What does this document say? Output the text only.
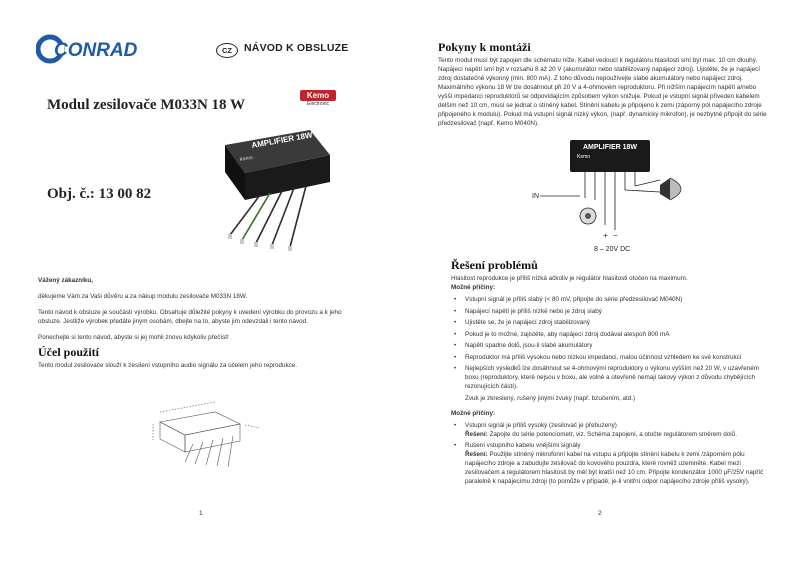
CONRAD	CZ	NÁVOD K OBSLUZE
Modul zesilovače M033N 18 W
Kemo
Electronic
AMPLIFIER 18W
Kemo
Obj. č.: 13 00 82

Vážený zákazníku,

děkujeme Vám za Vaši důvěru a za nákup modulu zesilovače M033N 18W.

Tento návod k obsluze je součástí výrobku. Obsahuje důležité pokyny k uvedení výrobku do provozu a k jeho obsluze. Jestliže výrobek předáte jiným osobám, dbejte na to, abyste jim odevzdali i tento návod.

Ponechejte si tento návod, abyste si jej mohli znovu kdykoliv přečíst!

Účel použití
Tento modul zesilovače slouží k zesílení vstupního audio signálu za účelem jeho reprodukce.
1
Pokyny k montáži
Tento modul musí být zapojen dle schématu níže. Kabel vedoucí k regulátoru hlasitosti smí být max. 10 cm dlouhý. Napájecí napětí smí být v rozsahu 8 až 20 V (akumulátor nebo stabilizovaný napájecí zdroj). Ujistěte, že je napájecí zdroj dostatečně výkonný (min. 800 mA). Z toho důvodu nepoužívejte slabé akumulátory nebo napájecí zdroj. Maximálního výkonu 18 W lze dosáhnout při 20 V a 4-ohmovém reproduktoru. Při nižším napájecím napětí a/nebo vyšší impedanci reproduktorů se odpovídajícím způsobem výkon snižuje. Pokud je vstupní signál přiveden kabelem delším než 10 cm, musí se jednat o stíněný kabel. Stínění kabelu je připojeno k zemi (záporný pól napájecího zdroje připojeného k modulu). Pokud má vstupní signál nízký výkon, (např. dynamický mikrofon), je nezbytné připojit do série předzesilovač (např. Kemo M040N).
AMPLIFIER 18W
Kemo
IN
+ −
8 – 20V DC
Řešení problémů

Hlasitost reprodukce je příliš nízká ačkoliv je regulátor hlasitosti otočen na maximum.

Možné příčiny:

• Vstupní signál je příliš slabý (< 80 mV, připojte do série předzesilovač M040N)
• Napájecí napětí je příliš nízké nebo je zdroj slabý
• Ujistěte se, že je napájecí zdroj stabilizovaný
• Pokud je to možné, zajistěte, aby napájecí zdroj dodával alespoň 800 mA
• Napětí spadne dolů, jsou-li slabé akumulátory
• Reproduktor má příliš vysokou nebo nízkou impedanci, malou účinnost vzhledem ke své konstrukci
• Nejlepších výsledků lze dosáhnout se 4-ohmovými reproduktory o výkonu vyšším než 20 W, v uzavřeném boxu (reproduktory, které nejsou v boxu, ale volně a otevřeně nemají takový výkon z důvodu chybějících rezonujících částí).

Zvuk je zkreslený, rušený jinými zvuky (např. bzučením, atd.)

Možné příčiny:

• Vstupní signál je příliš vysoký (zesilovač je přebuzený)
Řešení: Zapojte do série potenciometr, viz. Schéma zapojení, a otočte regulátorem směrem dolů.
• Rušení vstupního kabelu vnějšími signály
Řešení: Použijte stíněný mikrofonní kabel na vstupu a připojte stínění kabelu k zemi /záporném pólu napájecího zdroje a zabudujte zesilovač do kovového pouzdra, které rovněž uzemněte. Kabel mezi zesilovačem a regulátorem hlasitosti by měl být kratší než 10 cm. Připojte kondenzátor 1000 µF/25V napříč paralelně k napájecímu zdroji (to pomůže v případě, je-li vnitřní odpor napájecího zdroje příliš vysoký).
2
